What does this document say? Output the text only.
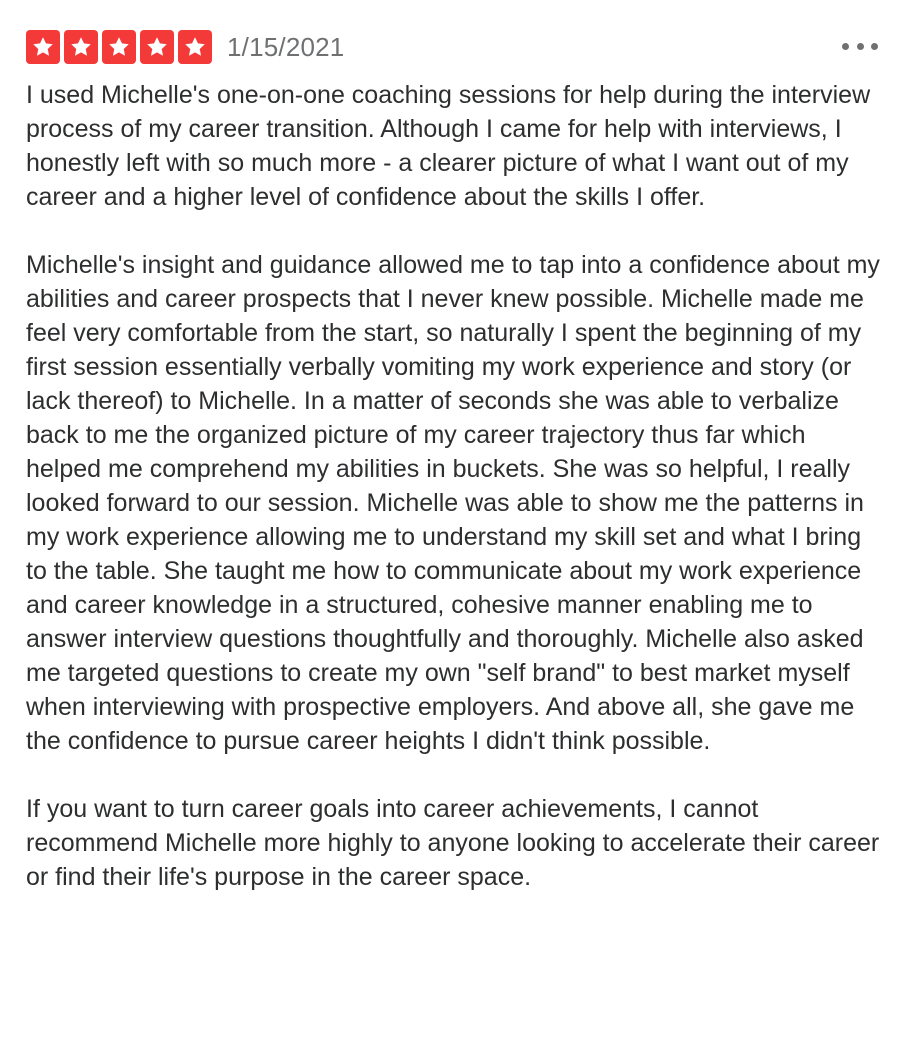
1/15/2021

I used Michelle's one-on-one coaching sessions for help during the interview process of my career transition. Although I came for help with interviews, I honestly left with so much more - a clearer picture of what I want out of my career and a higher level of confidence about the skills I offer.

Michelle's insight and guidance allowed me to tap into a confidence about my abilities and career prospects that I never knew possible. Michelle made me feel very comfortable from the start, so naturally I spent the beginning of my first session essentially verbally vomiting my work experience and story (or lack thereof) to Michelle. In a matter of seconds she was able to verbalize back to me the organized picture of my career trajectory thus far which helped me comprehend my abilities in buckets. She was so helpful, I really looked forward to our session. Michelle was able to show me the patterns in my work experience allowing me to understand my skill set and what I bring to the table. She taught me how to communicate about my work experience and career knowledge in a structured, cohesive manner enabling me to answer interview questions thoughtfully and thoroughly. Michelle also asked me targeted questions to create my own "self brand" to best market myself when interviewing with prospective employers. And above all, she gave me the confidence to pursue career heights I didn't think possible.

If you want to turn career goals into career achievements, I cannot recommend Michelle more highly to anyone looking to accelerate their career or find their life's purpose in the career space.
